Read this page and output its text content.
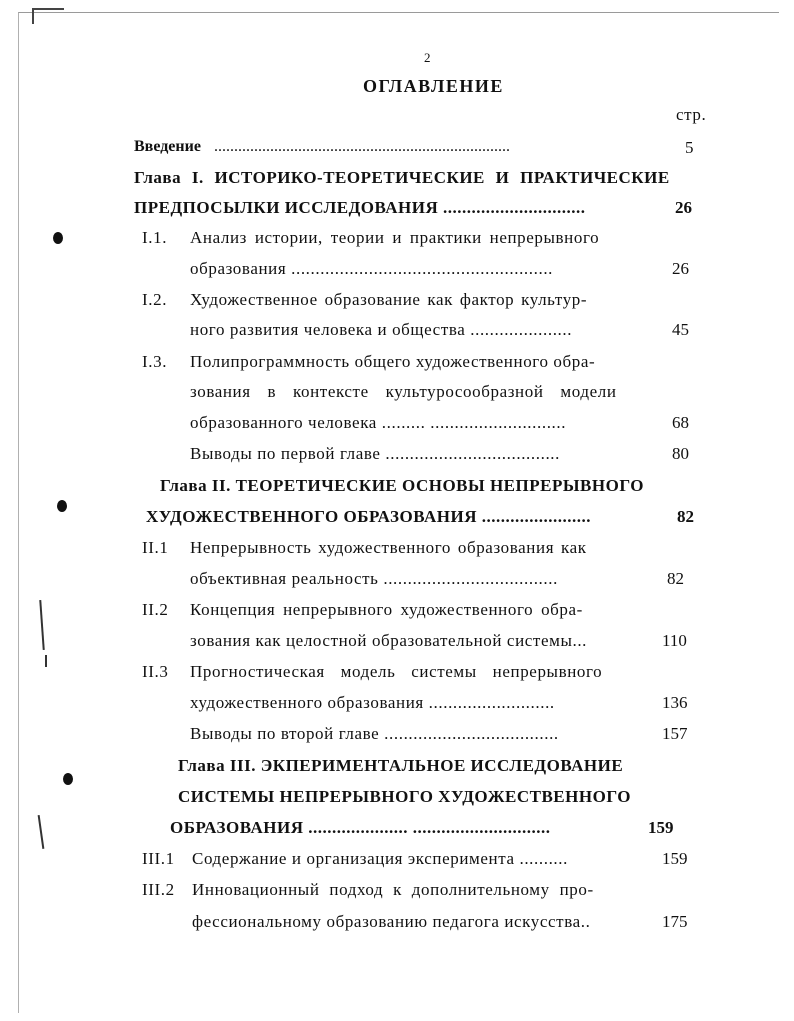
2
ОГЛАВЛЕНИЕ
стр.
Введение ..........................................................................	5
Глава I. ИСТОРИКО-ТЕОРЕТИЧЕСКИЕ И ПРАКТИЧЕСКИЕ
ПРЕДПОСЫЛКИ ИССЛЕДОВАНИЯ ..............................	26
I.1. Анализ истории, теории и практики непрерывного
образования ......................................................	26
I.2. Художественное образование как фактор культур-
ного развития человека и общества .....................	45
I.3. Полипрограммность общего художественного обра-
зования в контексте культуросообразной модели
образованного человека ......... ............................	68
Выводы по первой главе ....................................	80
Глава II. ТЕОРЕТИЧЕСКИЕ ОСНОВЫ НЕПРЕРЫВНОГО
ХУДОЖЕСТВЕННОГО ОБРАЗОВАНИЯ .......................	82
II.1 Непрерывность художественного образования как
объективная реальность ....................................	82
II.2 Концепция непрерывного художественного обра-
зования как целостной образовательной системы...	110
II.3 Прогностическая модель системы непрерывного
художественного образования ..........................	136
Выводы по второй главе ....................................	157
Глава III. ЭКПЕРИМЕНТАЛЬНОЕ ИССЛЕДОВАНИЕ
СИСТЕМЫ НЕПРЕРЫВНОГО ХУДОЖЕСТВЕННОГО
ОБРАЗОВАНИЯ ..................... .............................	159
III.1 Содержание и организация эксперимента ..........	159
III.2 Инновационный подход к дополнительному про-
фессиональному образованию педагога искусства..	175
